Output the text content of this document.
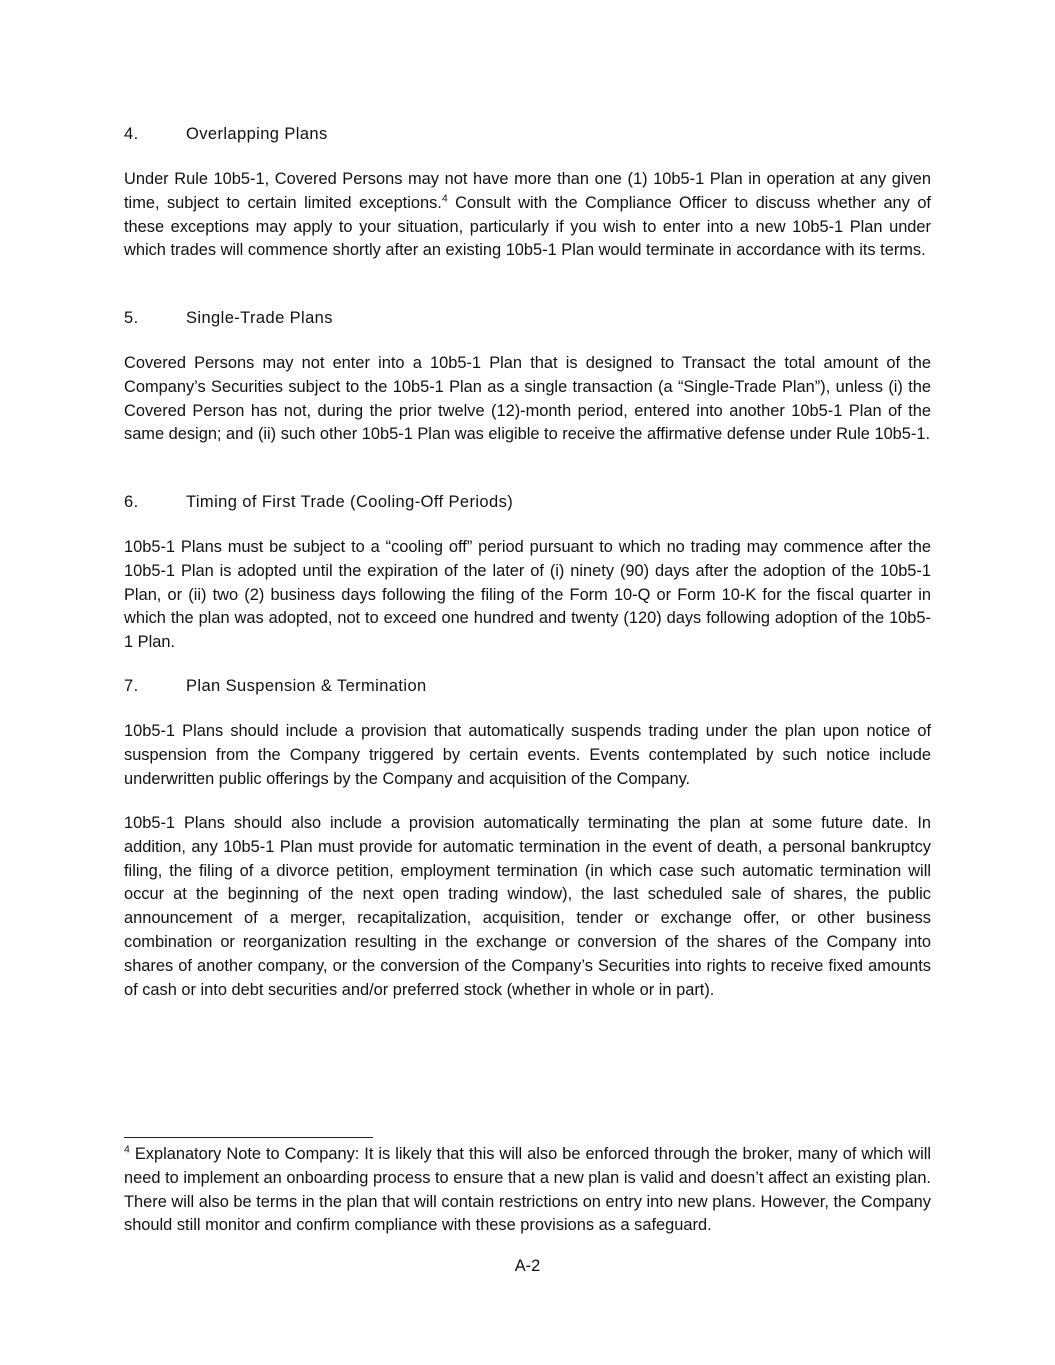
4.	Overlapping Plans

Under Rule 10b5-1, Covered Persons may not have more than one (1) 10b5-1 Plan in operation at any given time, subject to certain limited exceptions.$^4$ Consult with the Compliance Officer to discuss whether any of these exceptions may apply to your situation, particularly if you wish to enter into a new 10b5-1 Plan under which trades will commence shortly after an existing 10b5-1 Plan would terminate in accordance with its terms.

5.	Single-Trade Plans

Covered Persons may not enter into a 10b5-1 Plan that is designed to Transact the total amount of the Company’s Securities subject to the 10b5-1 Plan as a single transaction (a “Single-Trade Plan”), unless (i) the Covered Person has not, during the prior twelve (12)-month period, entered into another 10b5-1 Plan of the same design; and (ii) such other 10b5-1 Plan was eligible to receive the affirmative defense under Rule 10b5-1.

6.	Timing of First Trade (Cooling-Off Periods)

10b5-1 Plans must be subject to a “cooling off” period pursuant to which no trading may commence after the 10b5-1 Plan is adopted until the expiration of the later of (i) ninety (90) days after the adoption of the 10b5-1 Plan, or (ii) two (2) business days following the filing of the Form 10-Q or Form 10-K for the fiscal quarter in which the plan was adopted, not to exceed one hundred and twenty (120) days following adoption of the 10b5-1 Plan.

7.	Plan Suspension & Termination

10b5-1 Plans should include a provision that automatically suspends trading under the plan upon notice of suspension from the Company triggered by certain events. Events contemplated by such notice include underwritten public offerings by the Company and acquisition of the Company.

10b5-1 Plans should also include a provision automatically terminating the plan at some future date. In addition, any 10b5-1 Plan must provide for automatic termination in the event of death, a personal bankruptcy filing, the filing of a divorce petition, employment termination (in which case such automatic termination will occur at the beginning of the next open trading window), the last scheduled sale of shares, the public announcement of a merger, recapitalization, acquisition, tender or exchange offer, or other business combination or reorganization resulting in the exchange or conversion of the shares of the Company into shares of another company, or the conversion of the Company’s Securities into rights to receive fixed amounts of cash or into debt securities and/or preferred stock (whether in whole or in part).

$^4$ Explanatory Note to Company: It is likely that this will also be enforced through the broker, many of which will need to implement an onboarding process to ensure that a new plan is valid and doesn’t affect an existing plan. There will also be terms in the plan that will contain restrictions on entry into new plans. However, the Company should still monitor and confirm compliance with these provisions as a safeguard.

A-2
